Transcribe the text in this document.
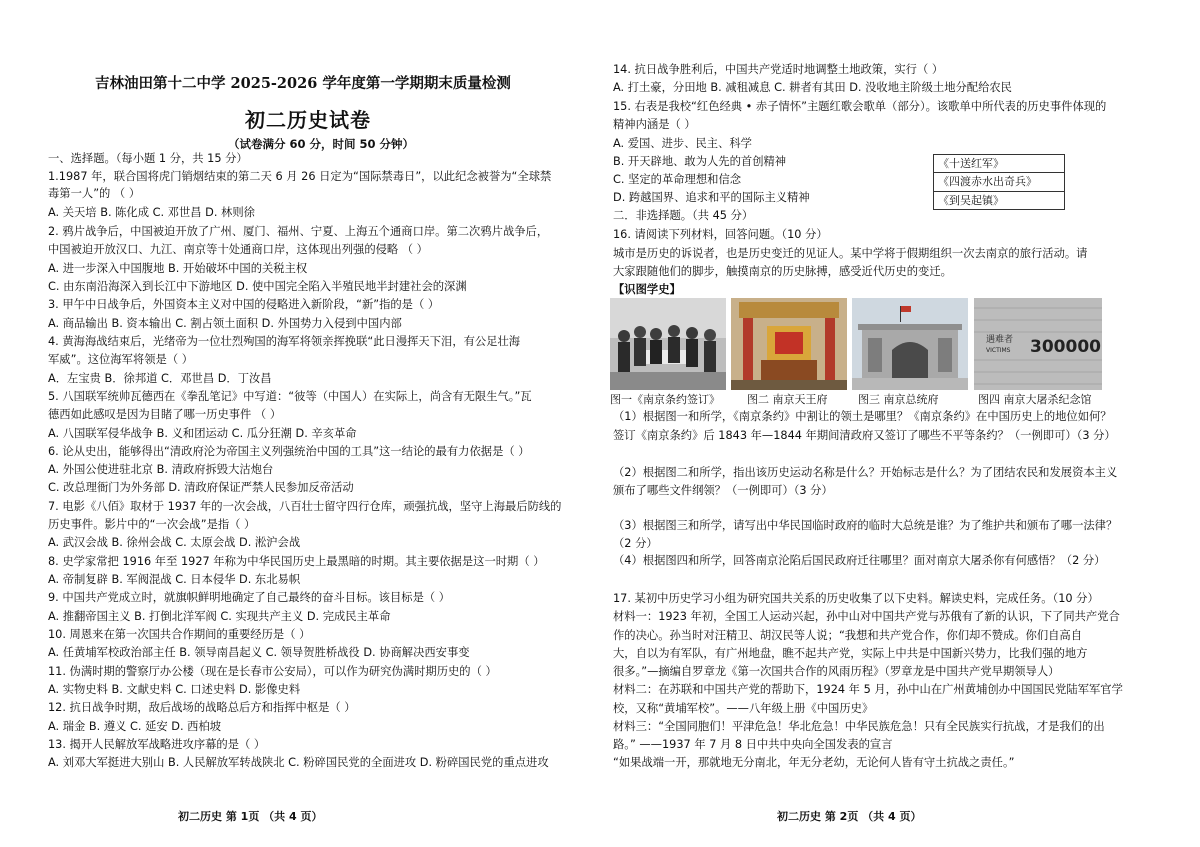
吉林油田第十二中学 2025-2026 学年度第一学期期末质量检测
初二历史试卷
（试卷满分 60 分，时间 50 分钟）
一、选择题。（每小题 1 分，共 15 分）
1.1987 年，联合国将虎门销烟结束的第二天 6 月 26 日定为“国际禁毒日”，以此纪念被誉为“全球禁
毒第一人”的 （ ）
A. 关天培 B. 陈化成 C. 邓世昌 D. 林则徐
2. 鸦片战争后，中国被迫开放了广州、厦门、福州、宁夏、上海五个通商口岸。第二次鸦片战争后，
中国被迫开放汉口、九江、南京等十处通商口岸，这体现出列强的侵略 （ ）
A. 进一步深入中国腹地 B. 开始破坏中国的关税主权
C. 由东南沿海深入到长江中下游地区 D. 使中国完全陷入半殖民地半封建社会的深渊
3. 甲午中日战争后，外国资本主义对中国的侵略进入新阶段，“新”指的是（ ）
A. 商品输出 B. 资本输出 C. 割占领土面积 D. 外国势力入侵到中国内部
4. 黄海海战结束后，光绪帝为一位壮烈殉国的海军将领亲挥挽联“此日漫挥天下泪，有公足壮海
军威”。这位海军将领是（ ）
A．左宝贵 B．徐邦道 C．邓世昌 D．丁汝昌
5. 八国联军统帅瓦德西在《拳乱笔记》中写道：“彼等（中国人）在实际上，尚含有无限生气。”瓦
德西如此感叹是因为目睹了哪一历史事件 （ ）
A. 八国联军侵华战争 B. 义和团运动 C. 瓜分狂潮 D. 辛亥革命
6. 论从史出，能够得出“清政府沦为帝国主义列强统治中国的工具”这一结论的最有力依据是（ ）
A. 外国公使进驻北京 B. 清政府拆毁大沽炮台
C. 改总理衙门为外务部 D. 清政府保证严禁人民参加反帝活动
7. 电影《八佰》取材于 1937 年的一次会战，八百壮士留守四行仓库，顽强抗战，坚守上海最后防线的
历史事件。影片中的“一次会战”是指（ ）
A. 武汉会战 B. 徐州会战 C. 太原会战 D. 淞沪会战
8. 史学家常把 1916 年至 1927 年称为中华民国历史上最黑暗的时期。其主要依据是这一时期（ ）
A. 帝制复辟 B. 军阀混战 C. 日本侵华 D. 东北易帜
9. 中国共产党成立时，就旗帜鲜明地确定了自己最终的奋斗目标。该目标是（ ）
A. 推翻帝国主义 B. 打倒北洋军阀 C. 实现共产主义 D. 完成民主革命
10. 周恩来在第一次国共合作期间的重要经历是（ ）
A. 任黄埔军校政治部主任 B. 领导南昌起义 C. 领导贺胜桥战役 D. 协商解决西安事变
11. 伪满时期的警察厅办公楼（现在是长春市公安局），可以作为研究伪满时期历史的（ ）
A. 实物史料 B. 文献史料 C. 口述史料 D. 影像史料
12. 抗日战争时期，敌后战场的战略总后方和指挥中枢是（ ）
A. 瑞金 B. 遵义 C. 延安 D. 西柏坡
13. 揭开人民解放军战略进攻序幕的是（ ）
A. 刘邓大军挺进大别山 B. 人民解放军转战陕北 C. 粉碎国民党的全面进攻 D. 粉碎国民党的重点进攻
初二历史 第 1页 （共 4 页）
14. 抗日战争胜利后，中国共产党适时地调整土地政策，实行（ ）
A. 打土豪，分田地 B. 减租减息 C. 耕者有其田 D. 没收地主阶级土地分配给农民
15. 右表是我校“红色经典 • 赤子情怀”主题红歌会歌单（部分）。该歌单中所代表的历史事件体现的
精神内涵是（ ）
A. 爱国、进步、民主、科学
B. 开天辟地、敢为人先的首创精神
C. 坚定的革命理想和信念
D. 跨越国界、追求和平的国际主义精神
二．非选择题。（共 45 分）
16. 请阅读下列材料，回答问题。（10 分）
城市是历史的诉说者，也是历史变迁的见证人。某中学将于假期组织一次去南京的旅行活动。请
大家跟随他们的脚步，触摸南京的历史脉搏，感受近代历史的变迁。
【识图学史】
《十送红军》
《四渡赤水出奇兵》
《到吴起镇》
遇难者
VICTIMS 300000
图一《南京条约签订》 图二 南京天王府	图三 南京总统府	图四 南京大屠杀纪念馆
（1）根据图一和所学，《南京条约》中割让的领土是哪里？《南京条约》在中国历史上的地位如何？
签订《南京条约》后 1843 年—1844 年期间清政府又签订了哪些不平等条约？（一例即可）（3 分）
（2）根据图二和所学，指出该历史运动名称是什么？开始标志是什么？为了团结农民和发展资本主义
颁布了哪些文件纲领？（一例即可）（3 分）
（3）根据图三和所学，请写出中华民国临时政府的临时大总统是谁？为了维护共和颁布了哪一法律？
（2 分）
（4）根据图四和所学，回答南京沦陷后国民政府迁往哪里？面对南京大屠杀你有何感悟？（2 分）
17. 某初中历史学习小组为研究国共关系的历史收集了以下史料。解读史料，完成任务。（10 分）
材料一：1923 年初，全国工人运动兴起，孙中山对中国共产党与苏俄有了新的认识，下了同共产党合
作的决心。孙当时对汪精卫、胡汉民等人说；“我想和共产党合作，你们却不赞成。你们自高自
大，自以为有军队，有广州地盘，瞧不起共产党，实际上中共是中国新兴势力，比我们强的地方
很多。”—摘编自罗章龙《第一次国共合作的风雨历程》（罗章龙是中国共产党早期领导人）
材料二：在苏联和中国共产党的帮助下，1924 年 5 月，孙中山在广州黄埔创办中国国民党陆军军官学
校，又称“黄埔军校”。——八年级上册《中国历史》
材料三：“全国同胞们！平津危急！华北危急！中华民族危急！只有全民族实行抗战，才是我们的出
路。” ——1937 年 7 月 8 日中共中央向全国发表的宣言
“如果战端一开，那就地无分南北，年无分老幼，无论何人皆有守土抗战之责任。”
初二历史 第 2页 （共 4 页）
